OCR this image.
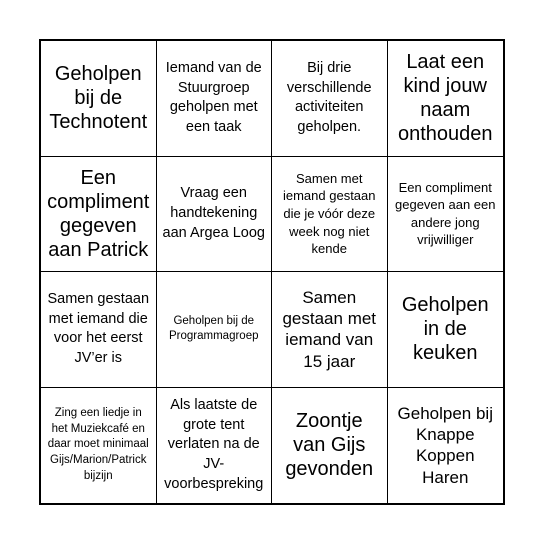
Geholpen bij de Technotent
Iemand van de Stuurgroep geholpen met een taak
Bij drie verschillende activiteiten geholpen.
Laat een kind jouw naam onthouden
Een compliment gegeven aan Patrick
Vraag een handtekening aan Argea Loog
Samen met iemand gestaan die je vóór deze week nog niet kende
Een compliment gegeven aan een andere jong vrijwilliger
Samen gestaan met iemand die voor het eerst JV’er is
Geholpen bij de Programmagroep
Samen gestaan met iemand van 15 jaar
Geholpen in de keuken
Zing een liedje in het Muziekcafé en daar moet minimaal Gijs/Marion/Patrick bijzijn
Als laatste de grote tent verlaten na de JV-voorbespreking
Zoontje van Gijs gevonden
Geholpen bij Knappe Koppen Haren
